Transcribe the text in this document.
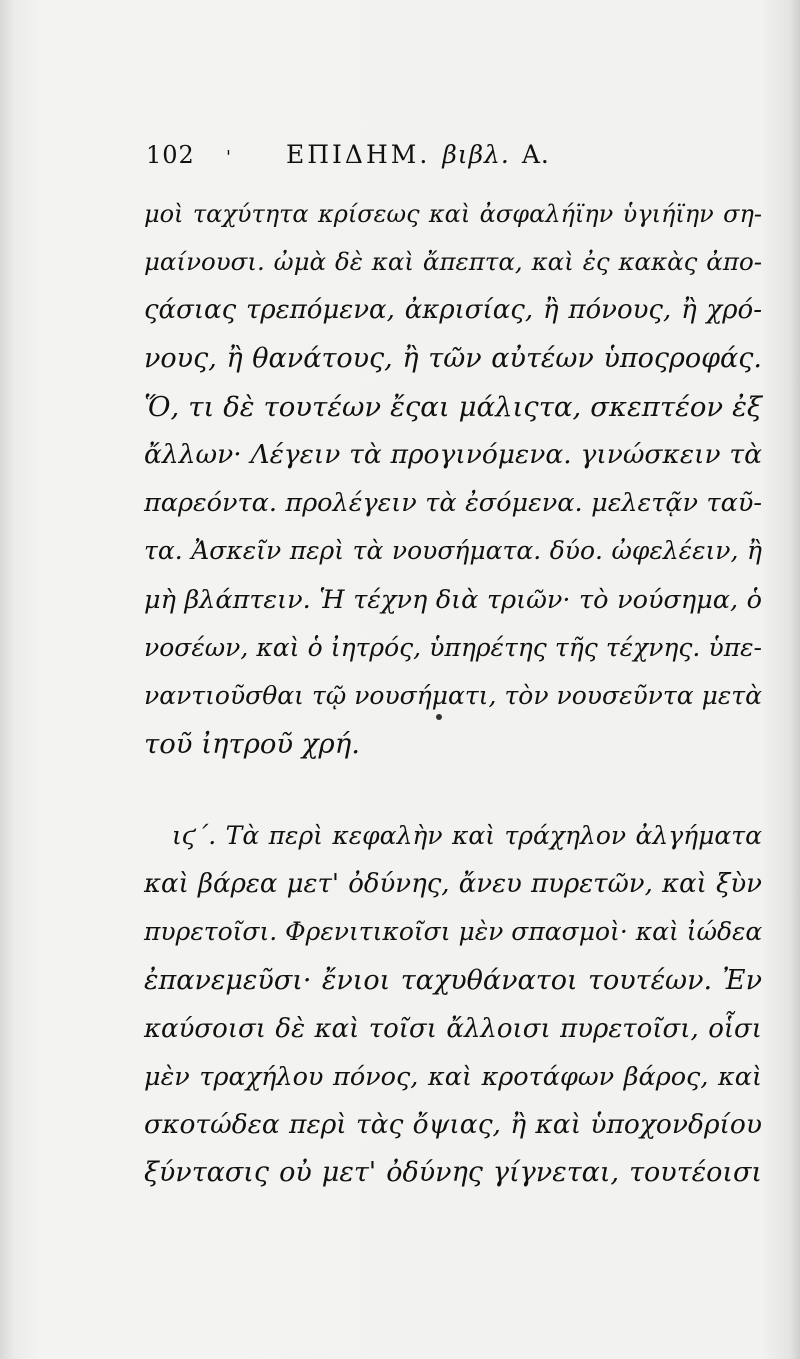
102	'	ΕΠΙΔΗΜ. βιβλ. Α.
μοὶ ταχύτητα κρίσεως καὶ ἀσφαλήϊην ὑγιήϊην ση-
μαίνουσι. ὠμὰ δὲ καὶ ἄπεπτα, καὶ ἐς κακὰς ἀπο-
ςάσιας τρεπόμενα, ἀκρισίας, ἢ πόνους, ἢ χρό-
νους, ἢ θανάτους, ἢ τῶν αὐτέων ὑποςροφάς.
Ὅ, τι δὲ τουτέων ἔςαι μάλιςτα, σκεπτέον ἐξ
ἄλλων· Λέγειν τὰ προγινόμενα. γινώσκειν τὰ
παρεόντα. προλέγειν τὰ ἐσόμενα. μελετᾷν ταῦ-
τα. Ἀσκεῖν περὶ τὰ νουσήματα. δύο. ὠφελέειν, ἢ
μὴ βλάπτειν. Ἡ τέχνη διὰ τριῶν· τὸ νούσημα, ὁ
νοσέων, καὶ ὁ ἰητρός, ὑπηρέτης τῆς τέχνης. ὑπε-
ναντιοῦσθαι τῷ νουσήματι, τὸν νουσεῦντα μετὰ
τοῦ ἰητροῦ χρή.
ιϛ΄. Τὰ περὶ κεφαλὴν καὶ τράχηλον ἀλγήματα
καὶ βάρεα μετ' ὀδύνης, ἄνευ πυρετῶν, καὶ ξὺν
πυρετοῖσι. Φρενιτικοῖσι μὲν σπασμοὶ· καὶ ἰώδεα
ἐπανεμεῦσι· ἔνιοι ταχυθάνατοι τουτέων. Ἐν
καύσοισι δὲ καὶ τοῖσι ἄλλοισι πυρετοῖσι, οἷσι
μὲν τραχήλου πόνος, καὶ κροτάφων βάρος, καὶ
σκοτώδεα περὶ τὰς ὄψιας, ἢ καὶ ὑποχονδρίου
ξύντασις οὐ μετ' ὀδύνης γίγνεται, τουτέοισι
